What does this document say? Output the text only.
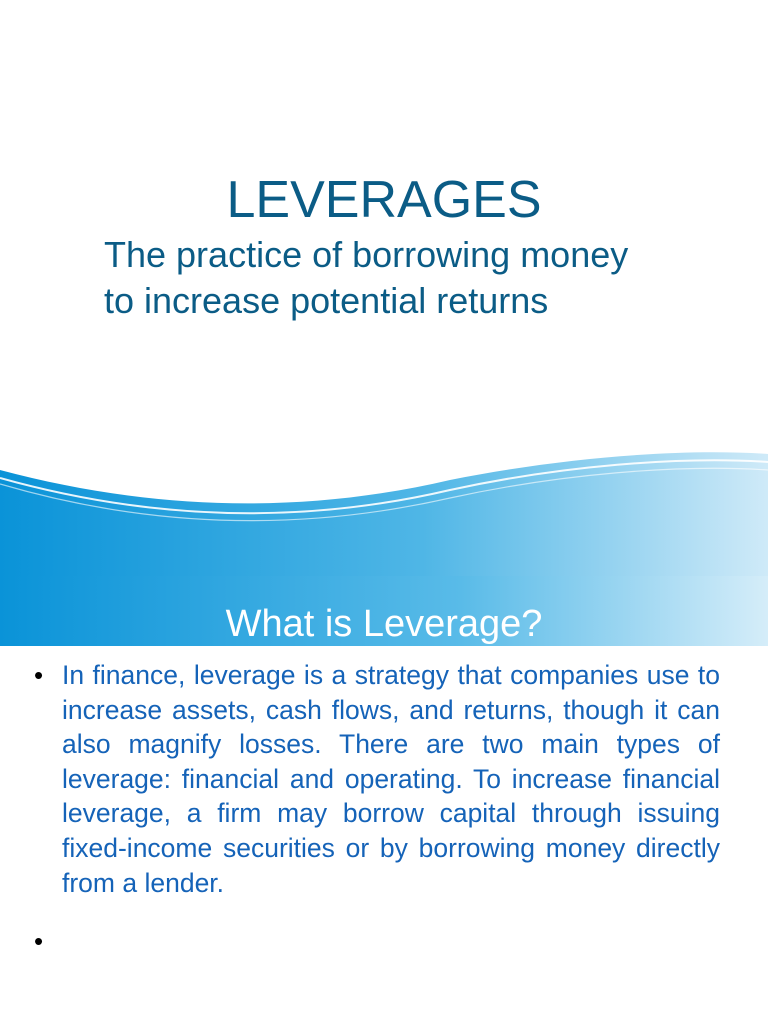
LEVERAGES
The practice of borrowing money
to increase potential returns
What is Leverage?
• In finance, leverage is a strategy that companies use to increase assets, cash flows, and returns, though it can also magnify losses. There are two main types of leverage: financial and operating. To increase financial leverage, a firm may borrow capital through issuing fixed-income securities or by borrowing money directly from a lender.
•
